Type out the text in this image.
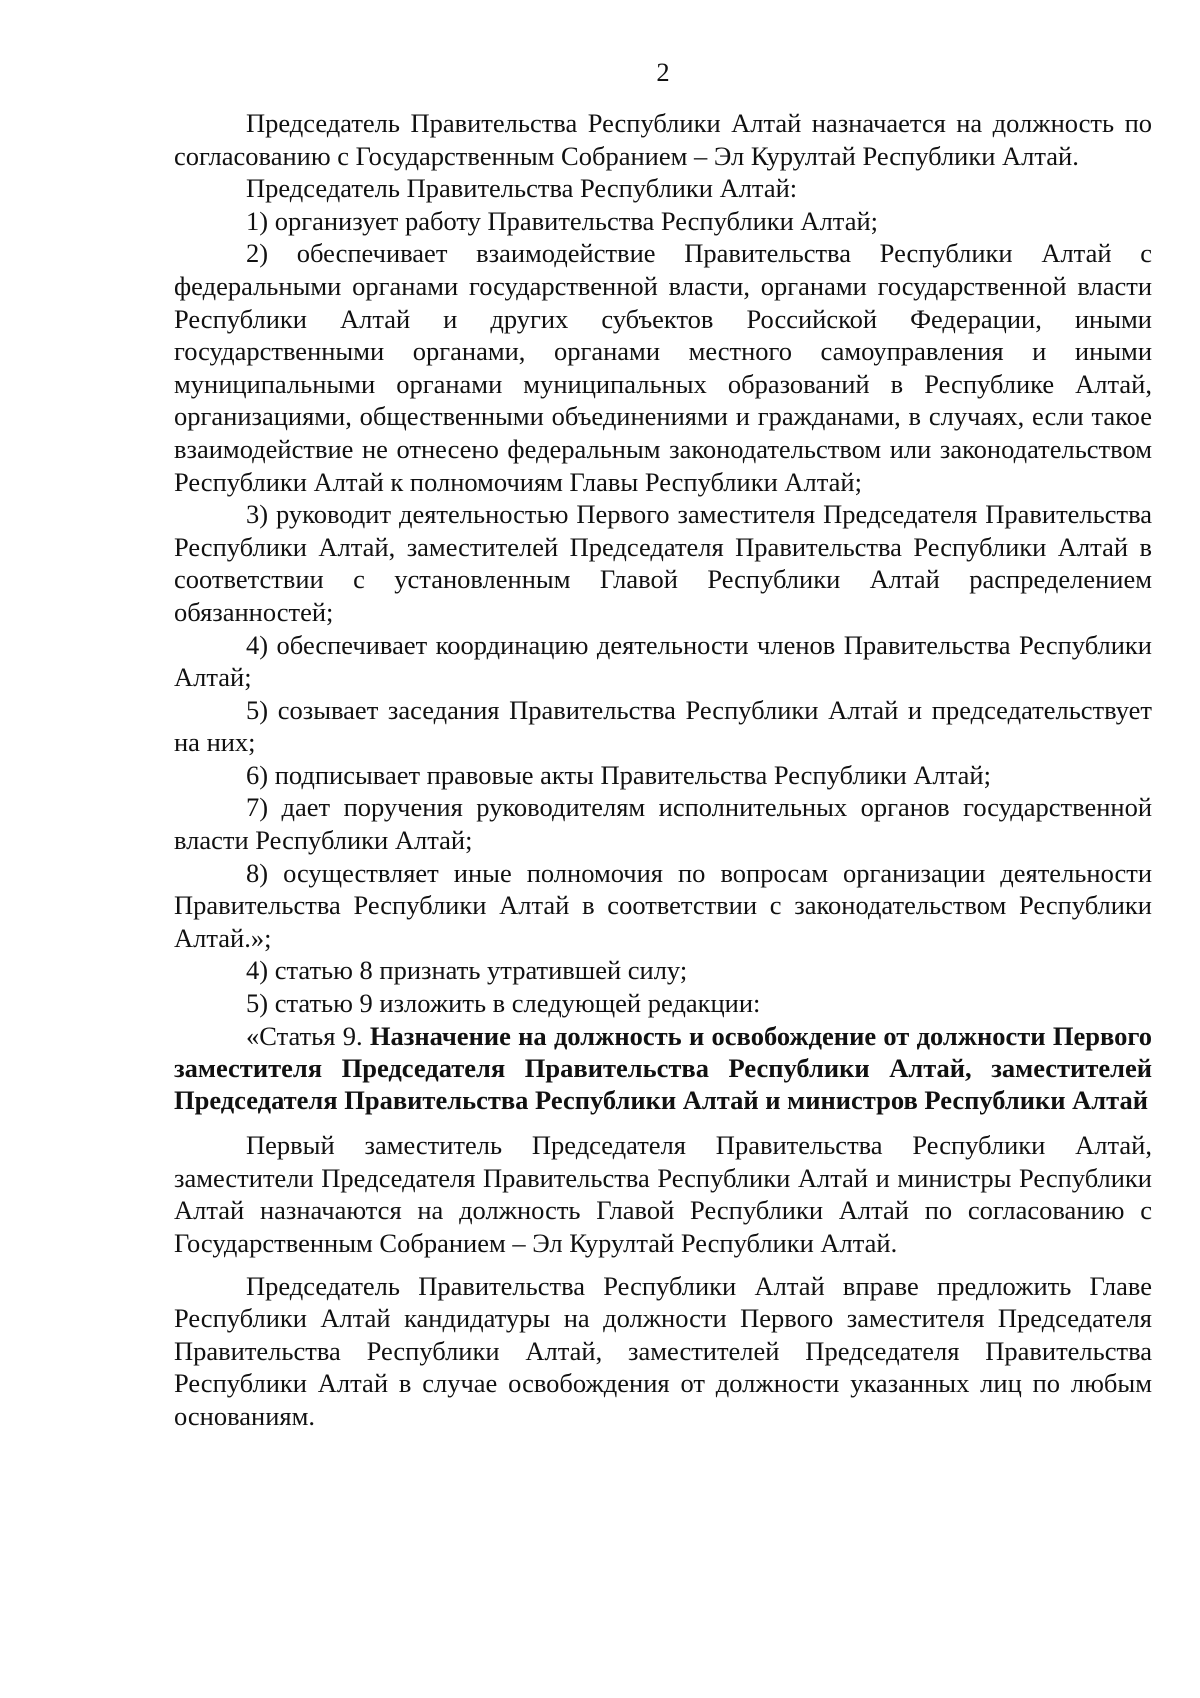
2

Председатель Правительства Республики Алтай назначается на должность по согласованию с Государственным Собранием – Эл Курултай Республики Алтай.

Председатель Правительства Республики Алтай:

1) организует работу Правительства Республики Алтай;

2) обеспечивает взаимодействие Правительства Республики Алтай с федеральными органами государственной власти, органами государственной власти Республики Алтай и других субъектов Российской Федерации, иными государственными органами, органами местного самоуправления и иными муниципальными органами муниципальных образований в Республике Алтай, организациями, общественными объединениями и гражданами, в случаях, если такое взаимодействие не отнесено федеральным законодательством или законодательством Республики Алтай к полномочиям Главы Республики Алтай;

3) руководит деятельностью Первого заместителя Председателя Правительства Республики Алтай, заместителей Председателя Правительства Республики Алтай в соответствии с установленным Главой Республики Алтай распределением обязанностей;

4) обеспечивает координацию деятельности членов Правительства Республики Алтай;

5) созывает заседания Правительства Республики Алтай и председательствует на них;

6) подписывает правовые акты Правительства Республики Алтай;

7) дает поручения руководителям исполнительных органов государственной власти Республики Алтай;

8) осуществляет иные полномочия по вопросам организации деятельности Правительства Республики Алтай в соответствии с законодательством Республики Алтай.»;

4) статью 8 признать утратившей силу;

5) статью 9 изложить в следующей редакции:

«Статья 9. Назначение на должность и освобождение от должности Первого заместителя Председателя Правительства Республики Алтай, заместителей Председателя Правительства Республики Алтай и министров Республики Алтай

Первый заместитель Председателя Правительства Республики Алтай, заместители Председателя Правительства Республики Алтай и министры Республики Алтай назначаются на должность Главой Республики Алтай по согласованию с Государственным Собранием – Эл Курултай Республики Алтай.

Председатель Правительства Республики Алтай вправе предложить Главе Республики Алтай кандидатуры на должности Первого заместителя Председателя Правительства Республики Алтай, заместителей Председателя Правительства Республики Алтай в случае освобождения от должности указанных лиц по любым основаниям.
